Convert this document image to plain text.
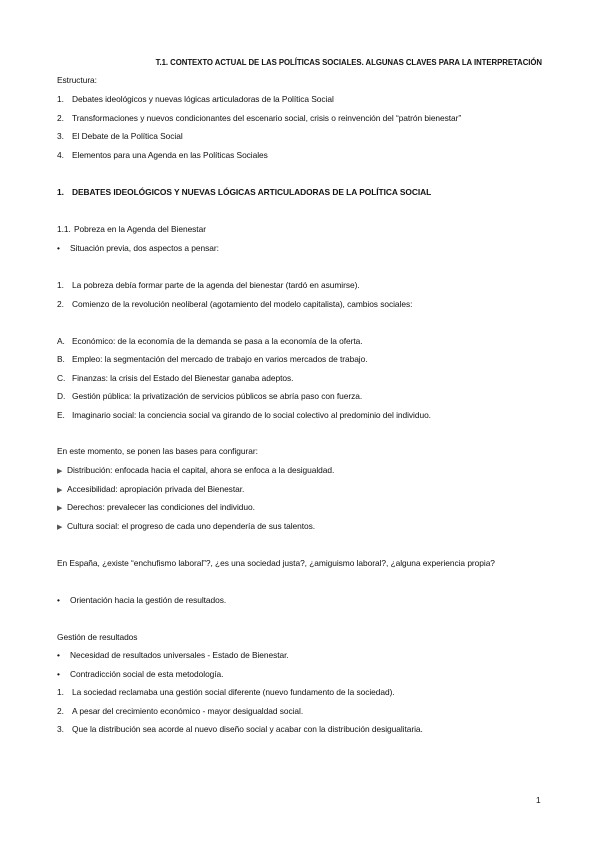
T.1. CONTEXTO ACTUAL DE LAS POLÍTICAS SOCIALES. ALGUNAS CLAVES PARA LA INTERPRETACIÓN
Estructura:
1. Debates ideológicos y nuevas lógicas articuladoras de la Política Social
2. Transformaciones y nuevos condicionantes del escenario social, crisis o reinvención del “patrón bienestar”
3. El Debate de la Política Social
4. Elementos para una Agenda en las Políticas Sociales
1. DEBATES IDEOLÓGICOS Y NUEVAS LÓGICAS ARTICULADORAS DE LA POLÍTICA SOCIAL
1.1. Pobreza en la Agenda del Bienestar
• Situación previa, dos aspectos a pensar:
1. La pobreza debía formar parte de la agenda del bienestar (tardó en asumirse).
2. Comienzo de la revolución neoliberal (agotamiento del modelo capitalista), cambios sociales:
A. Económico: de la economía de la demanda se pasa a la economía de la oferta.
B. Empleo: la segmentación del mercado de trabajo en varios mercados de trabajo.
C. Finanzas: la crisis del Estado del Bienestar ganaba adeptos.
D. Gestión pública: la privatización de servicios públicos se abría paso con fuerza.
E. Imaginario social: la conciencia social va girando de lo social colectivo al predominio del individuo.
En este momento, se ponen las bases para configurar:
▶ Distribución: enfocada hacia el capital, ahora se enfoca a la desigualdad.
▶ Accesibilidad: apropiación privada del Bienestar.
▶ Derechos: prevalecer las condiciones del individuo.
▶ Cultura social: el progreso de cada uno dependería de sus talentos.
En España, ¿existe “enchufismo laboral”?, ¿es una sociedad justa?, ¿amiguismo laboral?, ¿alguna experiencia propia?
• Orientación hacia la gestión de resultados.
Gestión de resultados
• Necesidad de resultados universales - Estado de Bienestar.
• Contradicción social de esta metodología.
1. La sociedad reclamaba una gestión social diferente (nuevo fundamento de la sociedad).
2. A pesar del crecimiento económico - mayor desigualdad social.
3. Que la distribución sea acorde al nuevo diseño social y acabar con la distribución desigualitaria.
1
